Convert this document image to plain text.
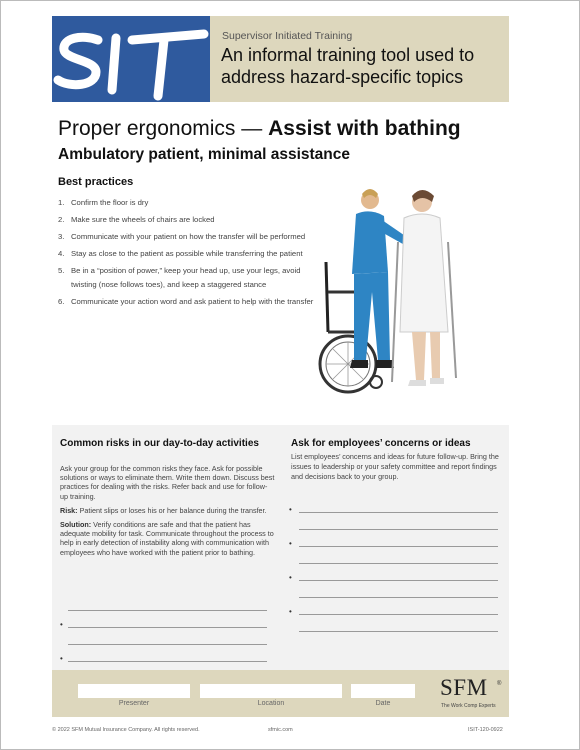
Supervisor Initiated Training
An informal training tool used to address hazard-specific topics
Proper ergonomics — Assist with bathing
Ambulatory patient, minimal assistance
Best practices
1. Confirm the floor is dry
2. Make sure the wheels of chairs are locked
3. Communicate with your patient on how the transfer will be performed
4. Stay as close to the patient as possible while transferring the patient
5. Be in a “position of power,” keep your head up, use your legs, avoid twisting (nose follows toes), and keep a staggered stance
6. Communicate your action word and ask patient to help with the transfer
Common risks in our day-to-day activities

Ask your group for the common risks they face. Ask for possible solutions or ways to eliminate them. Write them down. Discuss best practices for dealing with the risks. Refer back and use for follow-up training.

Risk: Patient slips or loses his or her balance during the transfer.

Solution: Verify conditions are safe and that the patient has adequate mobility for task. Communicate throughout the process to help in early detection of instability along with communication with employees who have worked with the patient prior to bathing.

•
•
Ask for employees’ concerns or ideas
List employees’ concerns and ideas for future follow-up. Bring the issues to leadership or your safety committee and report findings and decisions back to your group.
•
•
•
•
Presenter	Location	Date
SFM ®
The Work Comp Experts
© 2022 SFM Mutual Insurance Company. All rights reserved.	sfmic.com	ISIT-120-0922
